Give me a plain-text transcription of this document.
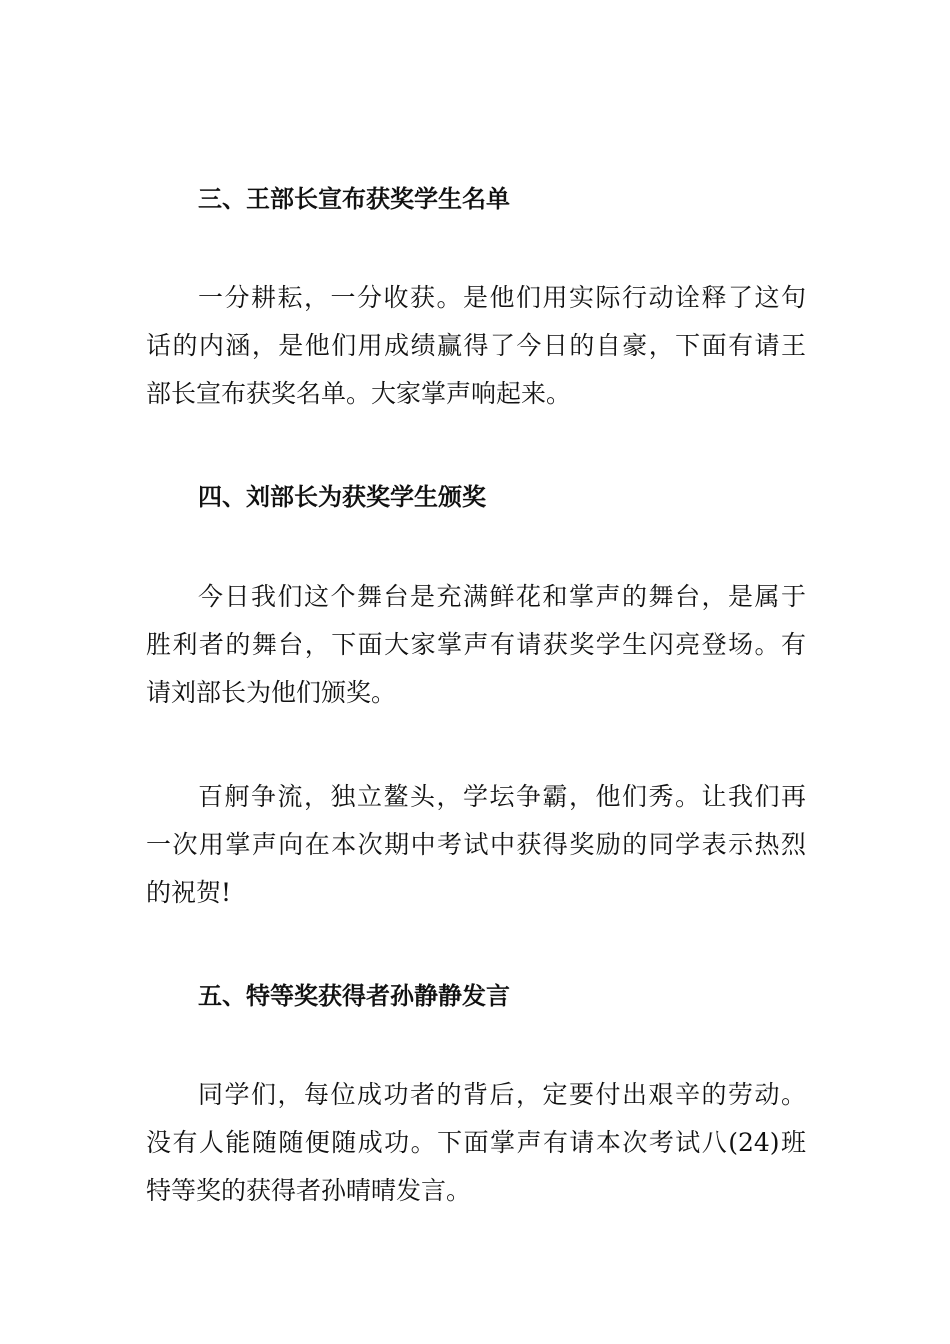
三、王部长宣布获奖学生名单
一分耕耘，一分收获。是他们用实际行动诠释了这句
话的内涵，是他们用成绩赢得了今日的自豪，下面有请王
部长宣布获奖名单。大家掌声响起来。
四、刘部长为获奖学生颁奖
今日我们这个舞台是充满鲜花和掌声的舞台，是属于
胜利者的舞台，下面大家掌声有请获奖学生闪亮登场。有
请刘部长为他们颁奖。
百舸争流，独立鳌头，学坛争霸，他们秀。让我们再
一次用掌声向在本次期中考试中获得奖励的同学表示热烈
的祝贺!
五、特等奖获得者孙静静发言
同学们，每位成功者的背后，定要付出艰辛的劳动。
没有人能随随便随成功。下面掌声有请本次考试八(24)班
特等奖的获得者孙晴晴发言。
